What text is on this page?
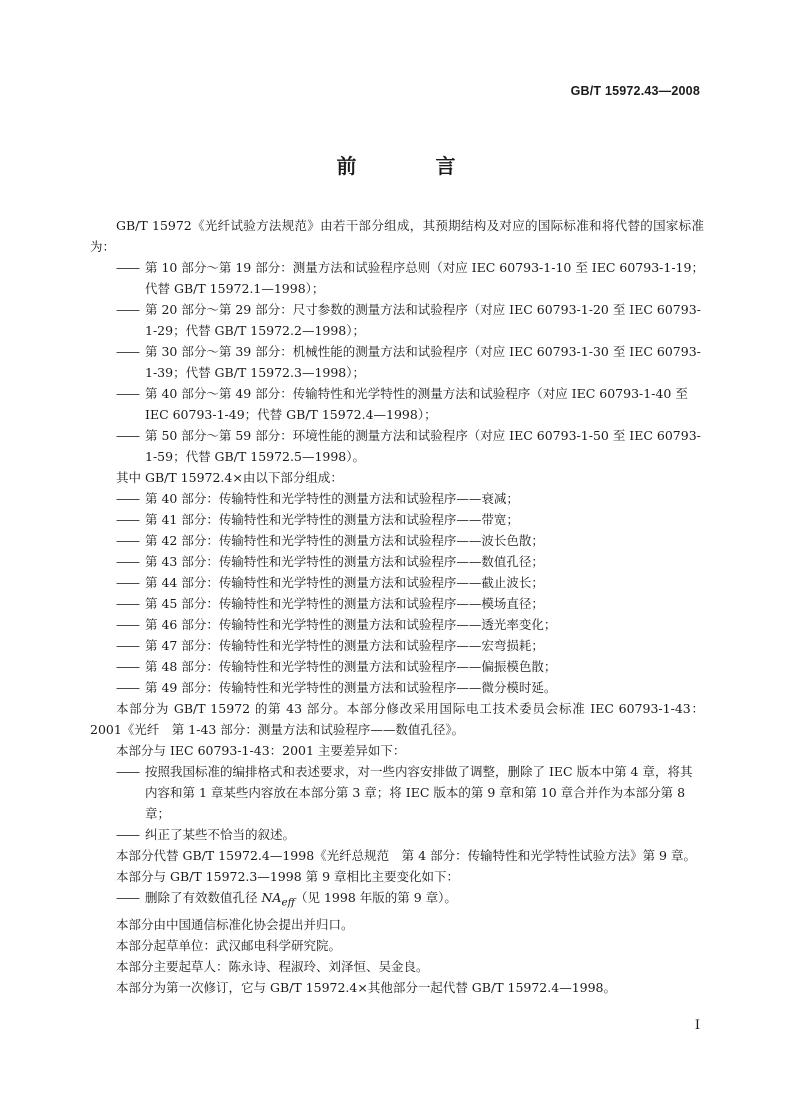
GB/T 15972.43—2008
前 言

GB/T 15972《光纤试验方法规范》由若干部分组成，其预期结构及对应的国际标准和将代替的国家标准为：

—— 第 10 部分～第 19 部分：测量方法和试验程序总则（对应 IEC 60793-1-10 至 IEC 60793-1-19；代替 GB/T 15972.1—1998）；

—— 第 20 部分～第 29 部分：尺寸参数的测量方法和试验程序（对应 IEC 60793-1-20 至 IEC 60793-1-29；代替 GB/T 15972.2—1998）；

—— 第 30 部分～第 39 部分：机械性能的测量方法和试验程序（对应 IEC 60793-1-30 至 IEC 60793-1-39；代替 GB/T 15972.3—1998）；

—— 第 40 部分～第 49 部分：传输特性和光学特性的测量方法和试验程序（对应 IEC 60793-1-40 至 IEC 60793-1-49；代替 GB/T 15972.4—1998）；

—— 第 50 部分～第 59 部分：环境性能的测量方法和试验程序（对应 IEC 60793-1-50 至 IEC 60793-1-59；代替 GB/T 15972.5—1998）。

其中 GB/T 15972.4×由以下部分组成：

—— 第 40 部分：传输特性和光学特性的测量方法和试验程序——衰减；

—— 第 41 部分：传输特性和光学特性的测量方法和试验程序——带宽；

—— 第 42 部分：传输特性和光学特性的测量方法和试验程序——波长色散；

—— 第 43 部分：传输特性和光学特性的测量方法和试验程序——数值孔径；

—— 第 44 部分：传输特性和光学特性的测量方法和试验程序——截止波长；

—— 第 45 部分：传输特性和光学特性的测量方法和试验程序——模场直径；

—— 第 46 部分：传输特性和光学特性的测量方法和试验程序——透光率变化；

—— 第 47 部分：传输特性和光学特性的测量方法和试验程序——宏弯损耗；

—— 第 48 部分：传输特性和光学特性的测量方法和试验程序——偏振模色散；

—— 第 49 部分：传输特性和光学特性的测量方法和试验程序——微分模时延。

本部分为 GB/T 15972 的第 43 部分。本部分修改采用国际电工技术委员会标准 IEC 60793-1-43：2001《光纤　第 1-43 部分：测量方法和试验程序——数值孔径》。

本部分与 IEC 60793-1-43：2001 主要差异如下：

—— 按照我国标准的编排格式和表述要求，对一些内容安排做了调整，删除了 IEC 版本中第 4 章，将其内容和第 1 章某些内容放在本部分第 3 章；将 IEC 版本的第 9 章和第 10 章合并作为本部分第 8 章；

—— 纠正了某些不恰当的叙述。

本部分代替 GB/T 15972.4—1998《光纤总规范　第 4 部分：传输特性和光学特性试验方法》第 9 章。

本部分与 GB/T 15972.3—1998 第 9 章相比主要变化如下：

—— 删除了有效数值孔径 $NA_{eff}$（见 1998 年版的第 9 章）。

本部分由中国通信标准化协会提出并归口。

本部分起草单位：武汉邮电科学研究院。

本部分主要起草人：陈永诗、程淑玲、刘泽恒、吴金良。

本部分为第一次修订，它与 GB/T 15972.4×其他部分一起代替 GB/T 15972.4—1998。

I
